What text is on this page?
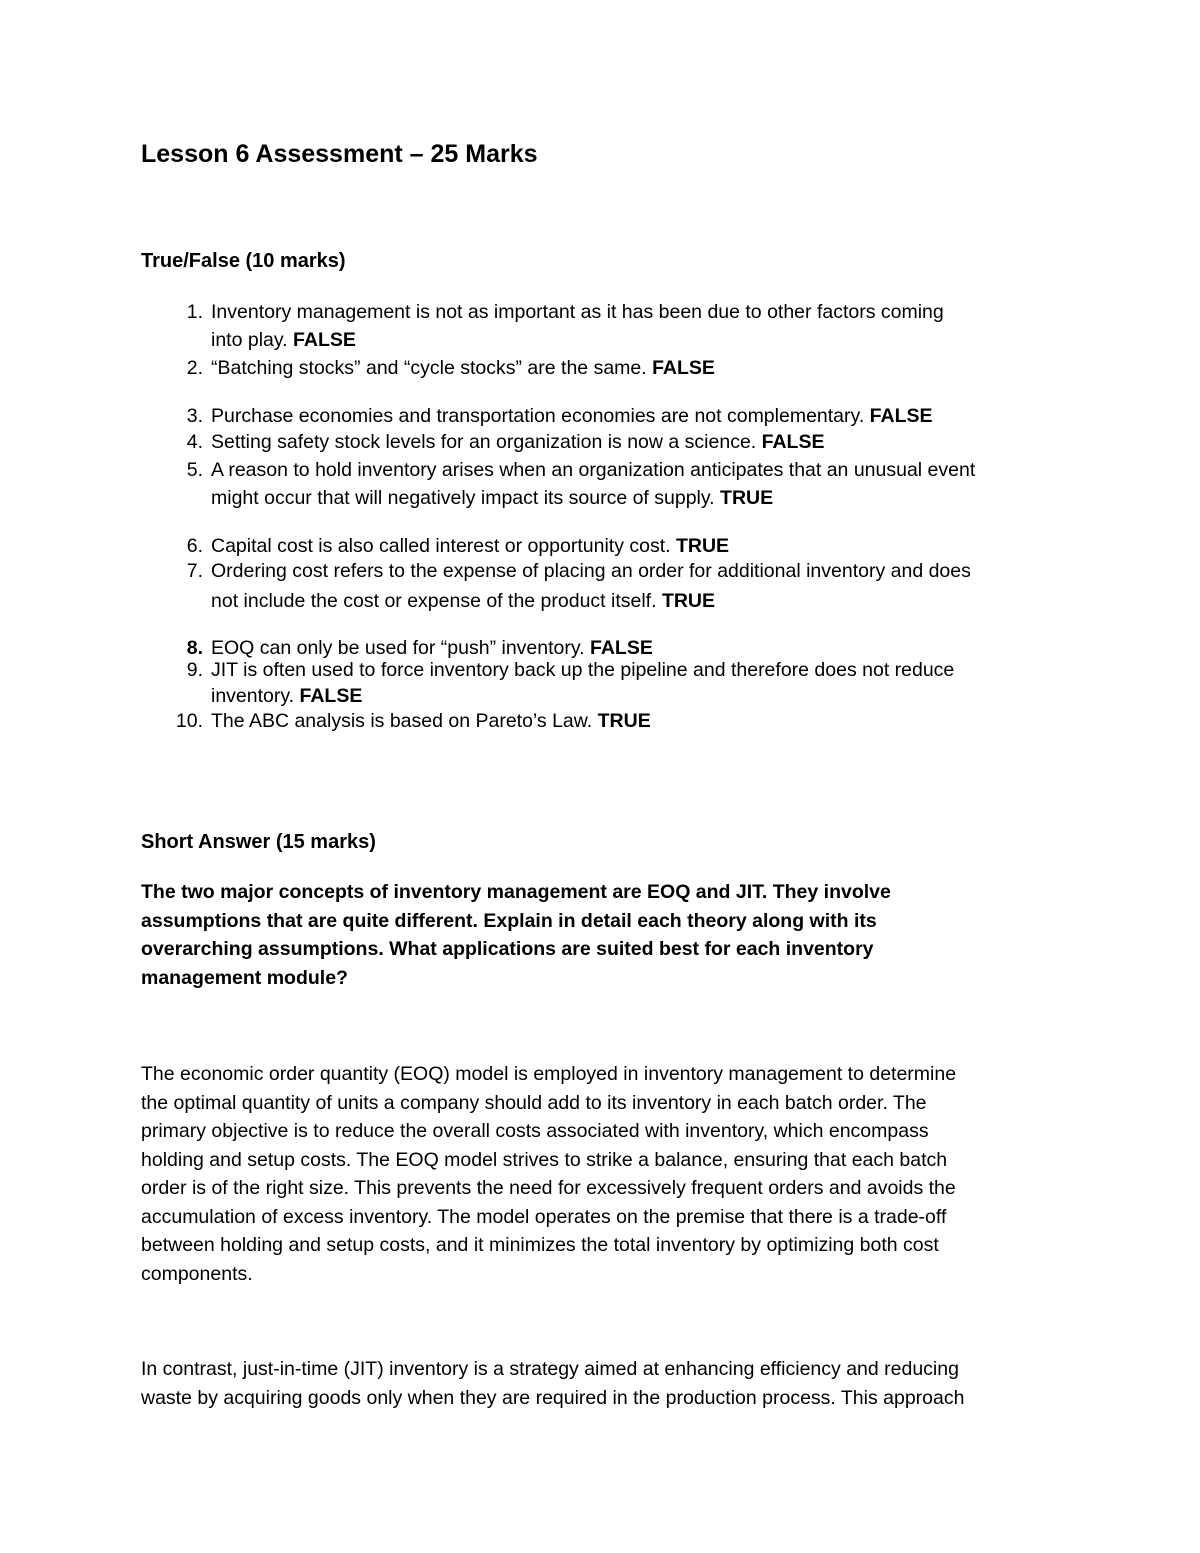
Lesson 6 Assessment – 25 Marks
True/False (10 marks)
1. Inventory management is not as important as it has been due to other factors coming
into play. FALSE
2. “Batching stocks” and “cycle stocks” are the same. FALSE
3. Purchase economies and transportation economies are not complementary. FALSE
4. Setting safety stock levels for an organization is now a science. FALSE
5. A reason to hold inventory arises when an organization anticipates that an unusual event
might occur that will negatively impact its source of supply. TRUE
6. Capital cost is also called interest or opportunity cost. TRUE
7. Ordering cost refers to the expense of placing an order for additional inventory and does
not include the cost or expense of the product itself. TRUE
8. EOQ can only be used for “push” inventory. FALSE
9. JIT is often used to force inventory back up the pipeline and therefore does not reduce
inventory. FALSE
10. The ABC analysis is based on Pareto’s Law. TRUE
Short Answer (15 marks)

The two major concepts of inventory management are EOQ and JIT. They involve
assumptions that are quite different. Explain in detail each theory along with its
overarching assumptions. What applications are suited best for each inventory
management module?

The economic order quantity (EOQ) model is employed in inventory management to determine
the optimal quantity of units a company should add to its inventory in each batch order. The
primary objective is to reduce the overall costs associated with inventory, which encompass
holding and setup costs. The EOQ model strives to strike a balance, ensuring that each batch
order is of the right size. This prevents the need for excessively frequent orders and avoids the
accumulation of excess inventory. The model operates on the premise that there is a trade-off
between holding and setup costs, and it minimizes the total inventory by optimizing both cost
components.

In contrast, just-in-time (JIT) inventory is a strategy aimed at enhancing efficiency and reducing
waste by acquiring goods only when they are required in the production process. This approach
